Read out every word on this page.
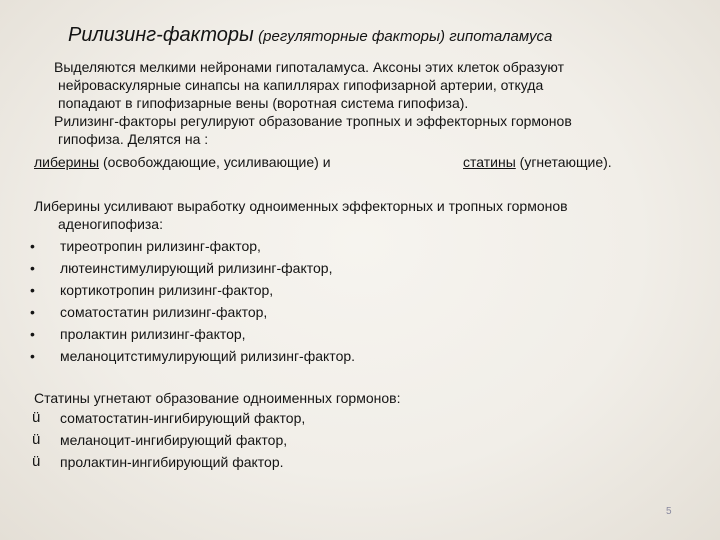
Рилизинг-факторы (регуляторные факторы) гипоталамуса
Выделяются мелкими нейронами гипоталамуса. Аксоны этих клеток образуют
нейроваскулярные синапсы на капиллярах гипофизарной артерии, откуда
попадают в гипофизарные вены (воротная система гипофиза).
Рилизинг-факторы регулируют образование тропных и эффекторных гормонов
гипофиза. Делятся на :
либерины (освобождающие, усиливающие) и	статины (угнетающие).
Либерины усиливают выработку одноименных эффекторных и тропных гормонов
аденогипофиза:
• тиреотропин рилизинг-фактор,
• лютеинстимулирующий рилизинг-фактор,
• кортикотропин рилизинг-фактор,
• соматостатин рилизинг-фактор,
• пролактин рилизинг-фактор,
• меланоцитстимулирующий рилизинг-фактор.
Статины угнетают образование одноименных гормонов:
ü соматостатин-ингибирующий фактор,
ü меланоцит-ингибирующий фактор,
ü пролактин-ингибирующий фактор.
5
